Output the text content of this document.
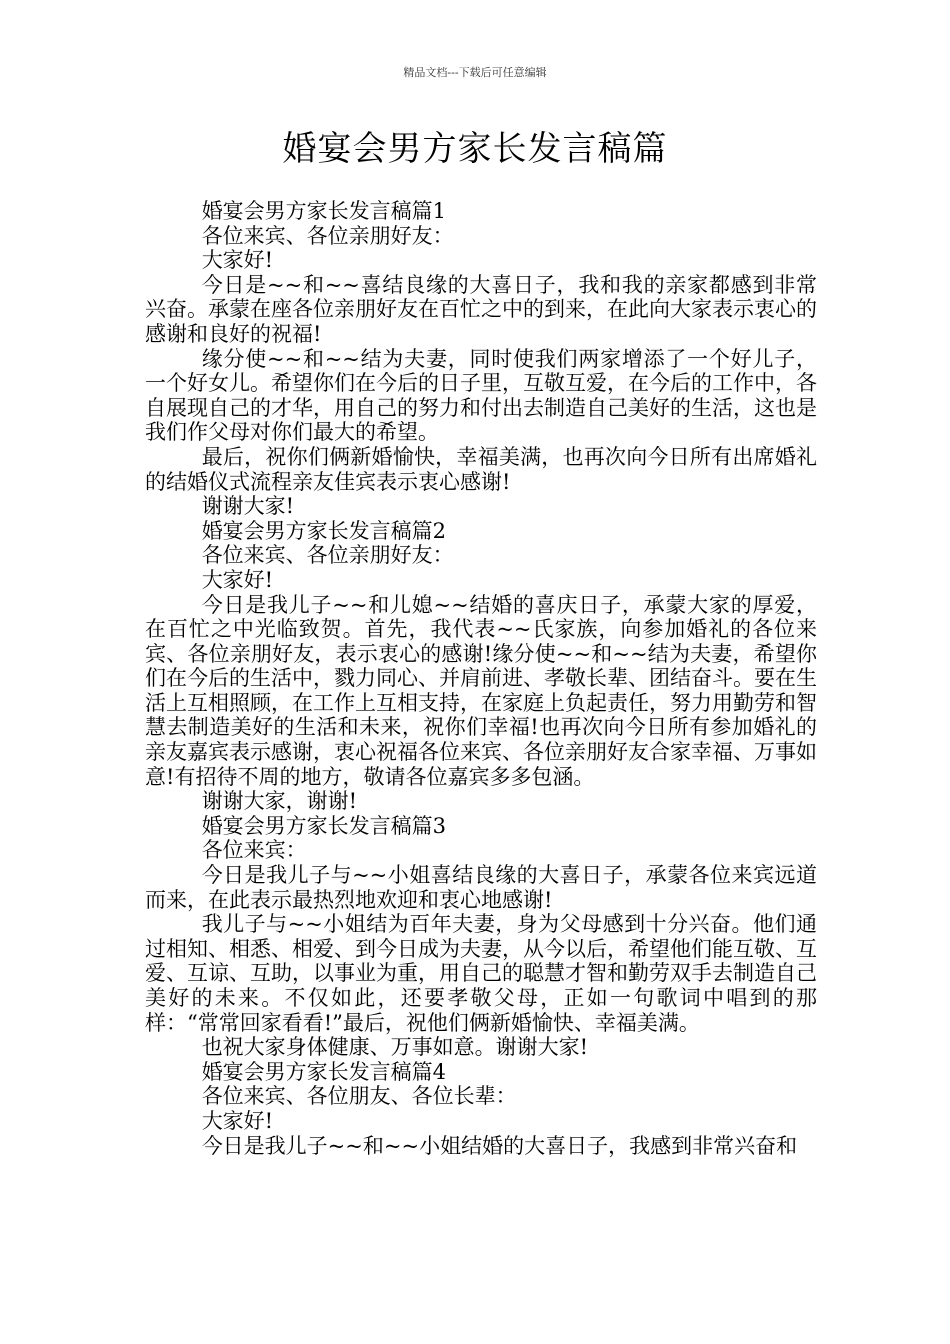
精品文档---下载后可任意编辑
婚宴会男方家长发言稿篇

婚宴会男方家长发言稿篇1

各位来宾、各位亲朋好友：

大家好!

今日是~~和~~喜结良缘的大喜日子，我和我的亲家都感到非常兴奋。承蒙在座各位亲朋好友在百忙之中的到来，在此向大家表示衷心的感谢和良好的祝福!

缘分使~~和~~结为夫妻，同时使我们两家增添了一个好儿子，一个好女儿。希望你们在今后的日子里，互敬互爱，在今后的工作中，各自展现自己的才华，用自己的努力和付出去制造自己美好的生活，这也是我们作父母对你们最大的希望。

最后，祝你们俩新婚愉快，幸福美满，也再次向今日所有出席婚礼的结婚仪式流程亲友佳宾表示衷心感谢!

谢谢大家!

婚宴会男方家长发言稿篇2

各位来宾、各位亲朋好友：

大家好!

今日是我儿子~~和儿媳~~结婚的喜庆日子，承蒙大家的厚爱，在百忙之中光临致贺。首先，我代表~~氏家族，向参加婚礼的各位来宾、各位亲朋好友，表示衷心的感谢!缘分使~~和~~结为夫妻，希望你们在今后的生活中，戮力同心、并肩前进、孝敬长辈、团结奋斗。要在生活上互相照顾，在工作上互相支持，在家庭上负起责任，努力用勤劳和智慧去制造美好的生活和未来，祝你们幸福!也再次向今日所有参加婚礼的亲友嘉宾表示感谢，衷心祝福各位来宾、各位亲朋好友合家幸福、万事如意!有招待不周的地方，敬请各位嘉宾多多包涵。

谢谢大家，谢谢!

婚宴会男方家长发言稿篇3

各位来宾：

今日是我儿子与~~小姐喜结良缘的大喜日子，承蒙各位来宾远道而来，在此表示最热烈地欢迎和衷心地感谢!

我儿子与~~小姐结为百年夫妻，身为父母感到十分兴奋。他们通过相知、相悉、相爱、到今日成为夫妻，从今以后，希望他们能互敬、互爱、互谅、互助，以事业为重，用自己的聪慧才智和勤劳双手去制造自己美好的未来。不仅如此，还要孝敬父母，正如一句歌词中唱到的那样：“常常回家看看!”最后，祝他们俩新婚愉快、幸福美满。

也祝大家身体健康、万事如意。谢谢大家!

婚宴会男方家长发言稿篇4

各位来宾、各位朋友、各位长辈：

大家好!

今日是我儿子~~和~~小姐结婚的大喜日子，我感到非常兴奋和
